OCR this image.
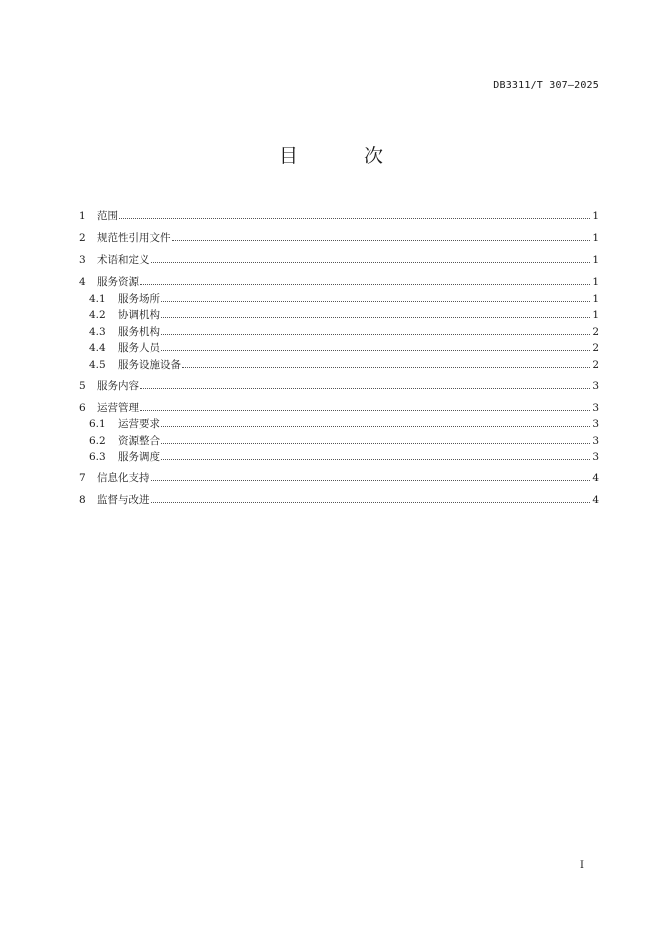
DB3311/T 307—2025
目 次
1	范围	1
2	规范性引用文件	1
3	术语和定义	1
4	服务资源	1
4.1	服务场所	1
4.2	协调机构	1
4.3	服务机构	2
4.4	服务人员	2
4.5	服务设施设备	2
5	服务内容	3
6	运营管理	3
6.1	运营要求	3
6.2	资源整合	3
6.3	服务调度	3
7	信息化支持	4
8	监督与改进	4
I
